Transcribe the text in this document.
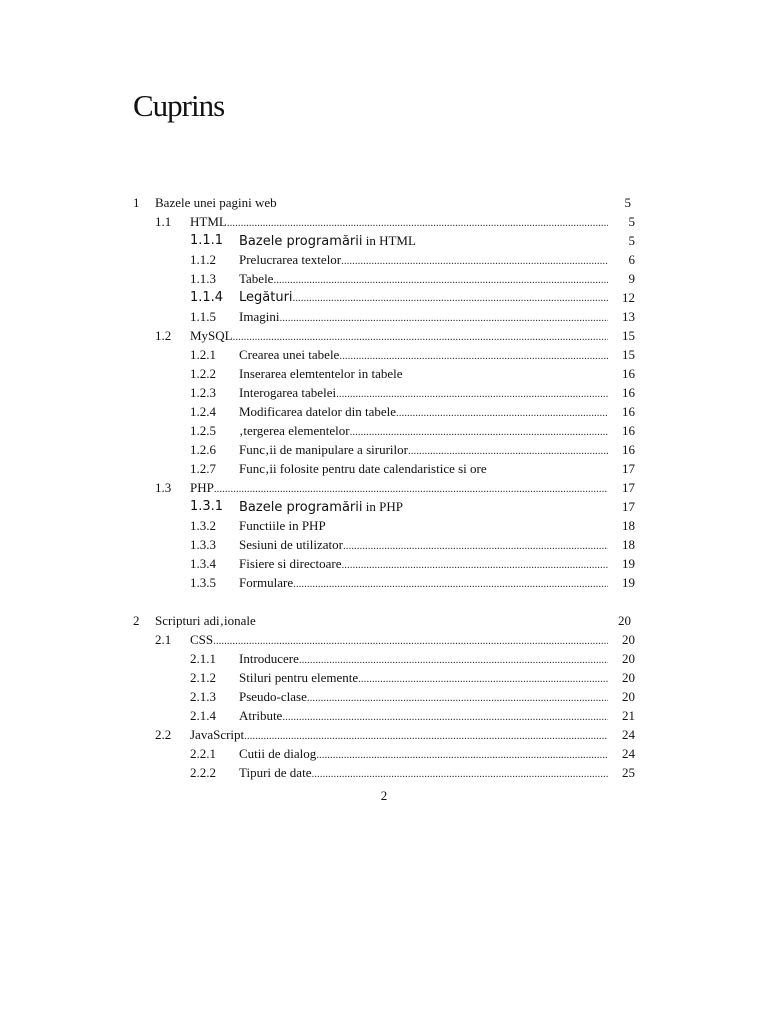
Cuprins
1 Bazele unei pagini web	5
1.1 HTML .....	5
1.1.1 Bazele programării in HTML	5
1.1.2 Prelucrarea textelor .....	6
1.1.3 Tabele .....	9
1.1.4 Legături .....	12
1.1.5 Imagini .....	13
1.2 MySQL .....	15
1.2.1 Crearea unei tabele .....	15
1.2.2 Inserarea elemtentelor in tabele	16
1.2.3 Interogarea tabelei .....	16
1.2.4 Modificarea datelor din tabele .....	16
1.2.5 ‚tergerea elementelor .....	16
1.2.6 Func‚ii de manipulare a sirurilor .....	16
1.2.7 Func‚ii folosite pentru date calendaristice si ore	17
1.3 PHP .....	17
1.3.1 Bazele programării in PHP	17
1.3.2 Functiile in PHP	18
1.3.3 Sesiuni de utilizator .....	18
1.3.4 Fisiere si directoare .....	19
1.3.5 Formulare .....	19
2 Scripturi adi‚ionale	20
2.1 CSS .....	20
2.1.1 Introducere .....	20
2.1.2 Stiluri pentru elemente .....	20
2.1.3 Pseudo-clase .....	20
2.1.4 Atribute .....	21
2.2 JavaScript .....	24
2.2.1 Cutii de dialog .....	24
2.2.2 Tipuri de date .....	25
2
